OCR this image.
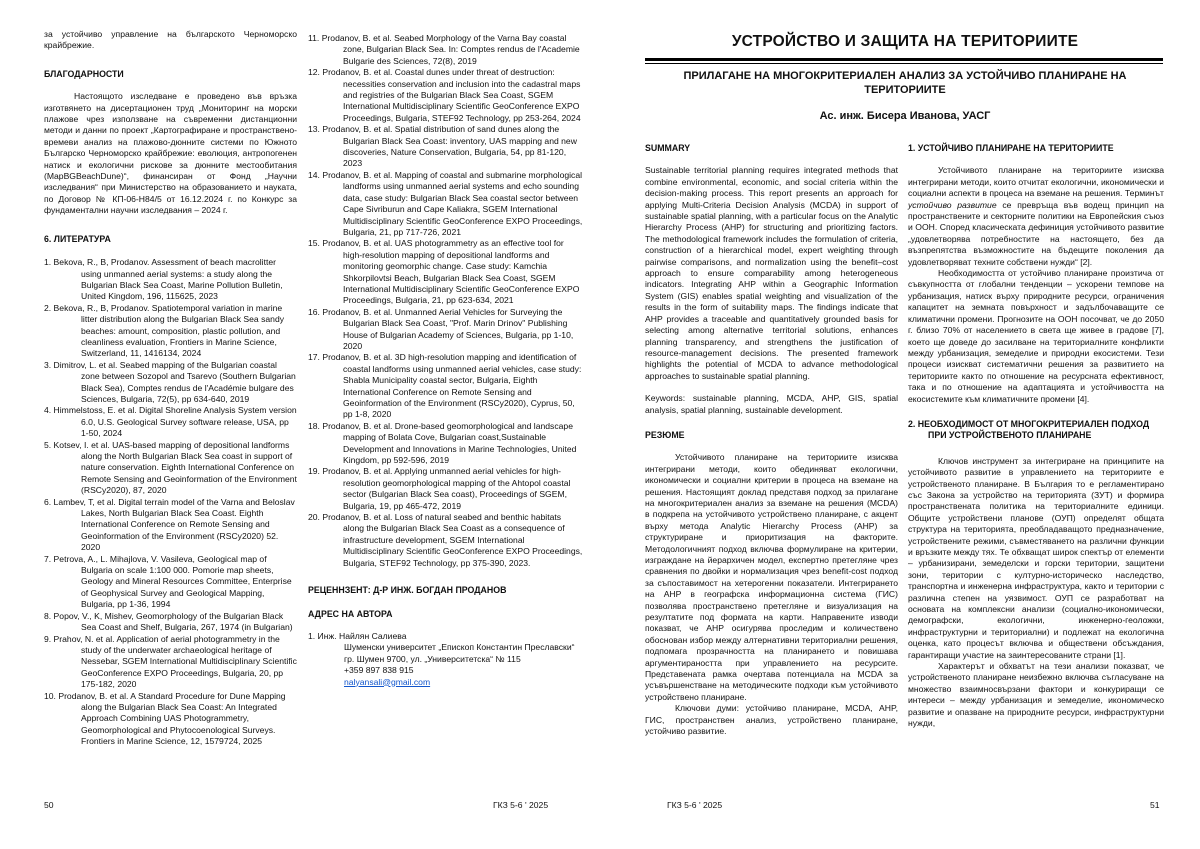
за устойчиво управление на българското Черноморско крайбрежие.

БЛАГОДАРНОСТИ

Настоящото изследване е проведено във връзка изготвянето на дисертационен труд „Мониторинг на морски плажове чрез използване на съвременни дистанционни методи и данни по проект „Картографиране и пространствено-времеви анализ на плажово-дюнните системи по Южното Българско Черноморско крайбрежие: еволюция, антропогенен натиск и екологични рискове за дюнните местообитания (MapBGBeachDune)“, финансиран от Фонд „Научни изследвания“ при Министерство на образованието и науката, по Договор № КП-06-Н84/5 от 16.12.2024 г. по Конкурс за фундаментални научни изследвания – 2024 г.

6. ЛИТЕРАТУРА

1. Bekova, R., B, Prodanov. Assessment of beach macrolitter using unmanned aerial systems: a study along the Bulgarian Black Sea Coast, Marine Pollution Bulletin, United Kingdom, 196, 115625, 2023

2. Bekova, R., B, Prodanov. Spatiotemporal variation in marine litter distribution along the Bulgarian Black Sea sandy beaches: amount, composition, plastic pollution, and cleanliness evaluation, Frontiers in Marine Science, Switzerland, 11, 1416134, 2024

3. Dimitrov, L. et al. Seabed mapping of the Bulgarian coastal zone between Sozopol and Tsarevo (Southern Bulgarian Black Sea), Comptes rendus de l'Académie bulgare des Sciences, Bulgaria, 72(5), pp 634-640, 2019

4. Himmelstoss, E. et al. Digital Shoreline Analysis System version 6.0, U.S. Geological Survey software release, USA, pp 1-50, 2024

5. Kotsev, I. et al. UAS-based mapping of depositional landforms along the North Bulgarian Black Sea coast in support of nature conservation. Eighth International Conference on Remote Sensing and Geoinformation of the Environment (RSCy2020), 87, 2020

6. Lambev, T, et al. Digital terrain model of the Varna and Beloslav Lakes, North Bulgarian Black Sea Coast. Eighth International Conference on Remote Sensing and Geoinformation of the Environment (RSCy2020) 52. 2020

7. Petrova, A., L. Mihajlova, V. Vasileva, Geological map of Bulgaria on scale 1:100 000. Pomorie map sheets, Geology and Mineral Resources Committee, Enterprise of Geophysical Survey and Geological Mapping, Bulgaria, pp 1-36, 1994

8. Popov, V., K, Mishev, Geomorphology of the Bulgarian Black Sea Coast and Shelf, Bulgaria, 267, 1974 (in Bulgarian)

9. Prahov, N. et al. Application of aerial photogrammetry in the study of the underwater archaeological heritage of Nessebar, SGEM International Multidisciplinary Scientific GeoConference EXPO Proceedings, Bulgaria, 20, pp 175-182, 2020

10. Prodanov, B. et al. A Standard Procedure for Dune Mapping along the Bulgarian Black Sea Coast: An Integrated Approach Combining UAS Photogrammetry, Geomorphological and Phytocoenological Surveys. Frontiers in Marine Science, 12, 1579724, 2025

11. Prodanov, B. et al. Seabed Morphology of the Varna Bay coastal zone, Bulgarian Black Sea. In: Comptes rendus de l'Academie Bulgarie des Sciences, 72(8), 2019

12. Prodanov, B. et al. Coastal dunes under threat of destruction: necessities conservation and inclusion into the cadastral maps and registries of the Bulgarian Black Sea Coast, SGEM International Multidisciplinary Scientific GeoConference EXPO Proceedings, Bulgaria, STEF92 Technology, pp 253-264, 2024

13. Prodanov, B. et al. Spatial distribution of sand dunes along the Bulgarian Black Sea Coast: inventory, UAS mapping and new discoveries, Nature Conservation, Bulgaria, 54, pp 81-120, 2023

14. Prodanov, B. et al. Mapping of coastal and submarine morphological landforms using unmanned aerial systems and echo sounding data, case study: Bulgarian Black Sea coastal sector between Cape Sivriburun and Cape Kaliakra, SGEM International Multidisciplinary Scientific GeoConference EXPO Proceedings, Bulgaria, 21, pp 717-726, 2021

15. Prodanov, B. et al. UAS photogrammetry as an effective tool for high-resolution mapping of depositional landforms and monitoring geomorphic change. Case study: Kamchia Shkorpilovtsi Beach, Bulgarian Black Sea Coast, SGEM International Multidisciplinary Scientific GeoConference EXPO Proceedings, Bulgaria, 21, pp 623-634, 2021

16. Prodanov, B. et al. Unmanned Aerial Vehicles for Surveying the Bulgarian Black Sea Coast, "Prof. Marin Drinov" Publishing House of Bulgarian Academy of Sciences, Bulgaria, pp 1-10, 2020

17. Prodanov, B. et al. 3D high-resolution mapping and identification of coastal landforms using unmanned aerial vehicles, case study: Shabla Municipality coastal sector, Bulgaria, Eighth International Conference on Remote Sensing and Geoinformation of the Environment (RSCy2020), Cyprus, 50, pp 1-8, 2020

18. Prodanov, B. et al. Drone-based geomorphological and landscape mapping of Bolata Cove, Bulgarian coast,Sustainable Development and Innovations in Marine Technologies, United Kingdom, pp 592-596, 2019

19. Prodanov, B. et al. Applying unmanned aerial vehicles for high-resolution geomorphological mapping of the Ahtopol coastal sector (Bulgarian Black Sea coast), Proceedings of SGEM, Bulgaria, 19, pp 465-472, 2019

20. Prodanov, B. et al. Loss of natural seabed and benthic habitats along the Bulgarian Black Sea Coast as a consequence of infrastructure development, SGEM International Multidisciplinary Scientific GeoConference EXPO Proceedings, Bulgaria, STEF92 Technology, pp 375-390, 2023.

РЕЦЕННЗЕНТ: Д-Р ИНЖ. БОГДАН ПРОДАНОВ
АДРЕС НА АВТОРА

1. Инж. Найлян Салиева

Шуменски университет „Епископ Константин Преславски“

гр. Шумен 9700, ул. „Университетска“ № 115

+359 897 838 915

nalyansali@gmail.com

50	ГКЗ 5-6 ' 2025
УСТРОЙСТВО И ЗАЩИТА НА ТЕРИТОРИИТЕ
ПРИЛАГАНЕ НА МНОГОКРИТЕРИАЛЕН АНАЛИЗ ЗА УСТОЙЧИВО ПЛАНИРАНЕ НА ТЕРИТОРИИТЕ
Ас. инж. Бисера Иванова, УАСГ
SUMMARY

Sustainable territorial planning requires integrated methods that combine environmental, economic, and social criteria within the decision-making process. This report presents an approach for applying Multi-Criteria Decision Analysis (MCDA) in support of sustainable spatial planning, with a particular focus on the Analytic Hierarchy Process (AHP) for structuring and prioritizing factors. The methodological framework includes the formulation of criteria, construction of a hierarchical model, expert weighting through pairwise comparisons, and normalization using the benefit–cost approach to ensure comparability among heterogeneous indicators. Integrating AHP within a Geographic Information System (GIS) enables spatial weighting and visualization of the results in the form of suitability maps. The findings indicate that AHP provides a traceable and quantitatively grounded basis for selecting among alternative territorial solutions, enhances planning transparency, and strengthens the justification of resource-management decisions. The presented framework highlights the potential of MCDA to advance methodological approaches to sustainable spatial planning.

Keywords: sustainable planning, MCDA, AHP, GIS, spatial analysis, spatial planning, sustainable development.

РЕЗЮМЕ

Устойчивото планиране на териториите изисква интегрирани методи, които обединяват екологични, икономически и социални критерии в процеса на вземане на решения. Настоящият доклад представя подход за прилагане на многокритериален анализ за вземане на решения (MCDA) в подкрепа на устойчивото устройствено планиране, с акцент върху метода Analytic Hierarchy Process (AHP) за структуриране и приоритизация на факторите. Методологичният подход включва формулиране на критерии, изграждане на йерархичен модел, експертно претегляне чрез сравнения по двойки и нормализация чрез benefit-cost подход за съпоставимост на хетерогенни показатели. Интегрирането на AHP в географска информационна система (ГИС) позволява пространствено претегляне и визуализация на резултатите под формата на карти. Направените изводи показват, че AHP осигурява проследим и количествено обоснован избор между алтернативни териториални решения, подпомага прозрачността на планирането и повишава аргументираността при управлението на ресурсите. Представената рамка очертава потенциала на MCDA за усъвършенстване на методическите подходи към устойчивото устройствено планиране.

Ключови думи: устойчиво планиране, MCDA, AHP, ГИС, пространствен анализ, устройствено планиране, устойчиво развитие.

1. УСТОЙЧИВО ПЛАНИРАНЕ НА ТЕРИТОРИИТЕ

Устойчивото планиране на териториите изисква интегрирани методи, които отчитат екологични, икономически и социални аспекти в процеса на вземане на решения. Терминът устойчиво развитие се превръща във водещ принцип на пространствените и секторните политики на Европейския съюз и ООН. Според класическата дефиниция устойчивото развитие „удовлетворява потребностите на настоящето, без да възпрепятства възможностите на бъдещите поколения да удовлетворяват техните собствени нужди“ [2].

Необходимостта от устойчиво планиране произтича от съвкупността от глобални тенденции – ускорени темпове на урбанизация, натиск върху природните ресурси, ограничения капацитет на земната повърхност и задълбочаващите се климатични промени. Прогнозите на ООН посочват, че до 2050 г. близо 70% от населението в света ще живее в градове [7], което ще доведе до засилване на териториалните конфликти между урбанизация, земеделие и природни екосистеми. Тези процеси изискват систематични решения за развитието на териториите както по отношение на ресурсната ефективност, така и по отношение на адаптацията и устойчивостта на екосистемите към климатичните промени [4].

2. НЕОБХОДИМОСТ ОТ МНОГОКРИТЕРИАЛЕН ПОДХОД ПРИ УСТРОЙСТВЕНОТО ПЛАНИРАНЕ

Ключов инструмент за интегриране на принципите на устойчивото развитие в управлението на териториите е устройственото планиране. В България то е регламентирано със Закона за устройство на територията (ЗУТ) и формира пространствената политика на териториалните единици. Общите устройствени планове (ОУП) определят общата структура на територията, преобладаващото предназначение, устройствените режими, съвместяването на различни функции и връзките между тях. Те обхващат широк спектър от елементи – урбанизирани, земеделски и горски територии, защитени зони, територии с културно-историческо наследство, транспортна и инженерна инфраструктура, както и територии с различна степен на уязвимост. ОУП се разработват на основата на комплексни анализи (социално-икономически, демографски, екологични, инженерно-геоложки, инфраструктурни и териториални) и подлежат на екологична оценка, като процесът включва и обществени обсъждания, гарантиращи участие на заинтересованите страни [1].

Характерът и обхватът на тези анализи показват, че устройственото планиране неизбежно включва съгласуване на множество взаимносвързани фактори и конкуриращи се интереси – между урбанизация и земеделие, икономическо развитие и опазване на природните ресурси, инфраструктурни нужди,

ГКЗ 5-6 ' 2025	51
